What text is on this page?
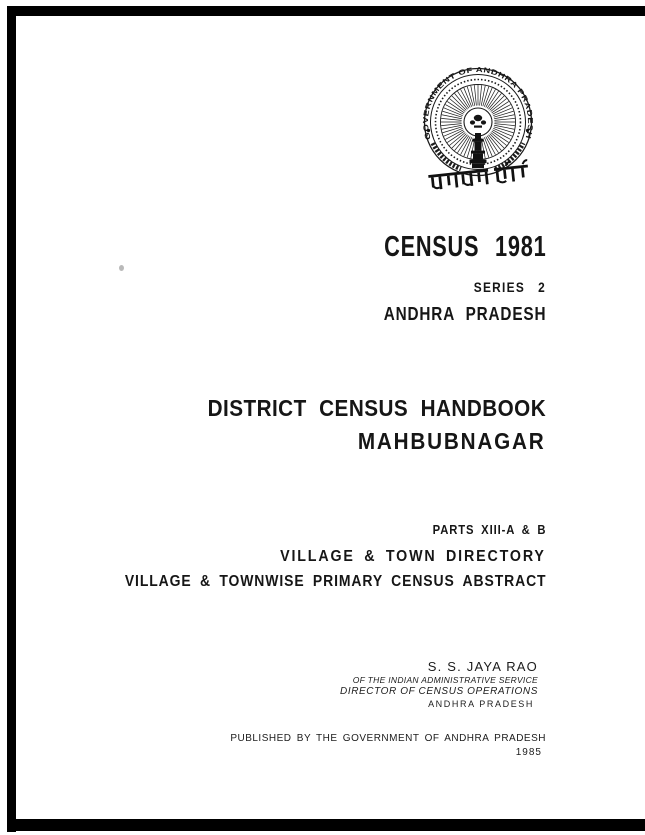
GOVERNMENT OF ANDHRA PRADESH
CENSUS 1981
SERIES 2
ANDHRA PRADESH
DISTRICT CENSUS HANDBOOK
MAHBUBNAGAR
PARTS XIII-A & B
VILLAGE & TOWN DIRECTORY
VILLAGE & TOWNWISE PRIMARY CENSUS ABSTRACT
S. S. JAYA RAO
OF THE INDIAN ADMINISTRATIVE SERVICE
DIRECTOR OF CENSUS OPERATIONS
ANDHRA PRADESH
PUBLISHED BY THE GOVERNMENT OF ANDHRA PRADESH
1985
